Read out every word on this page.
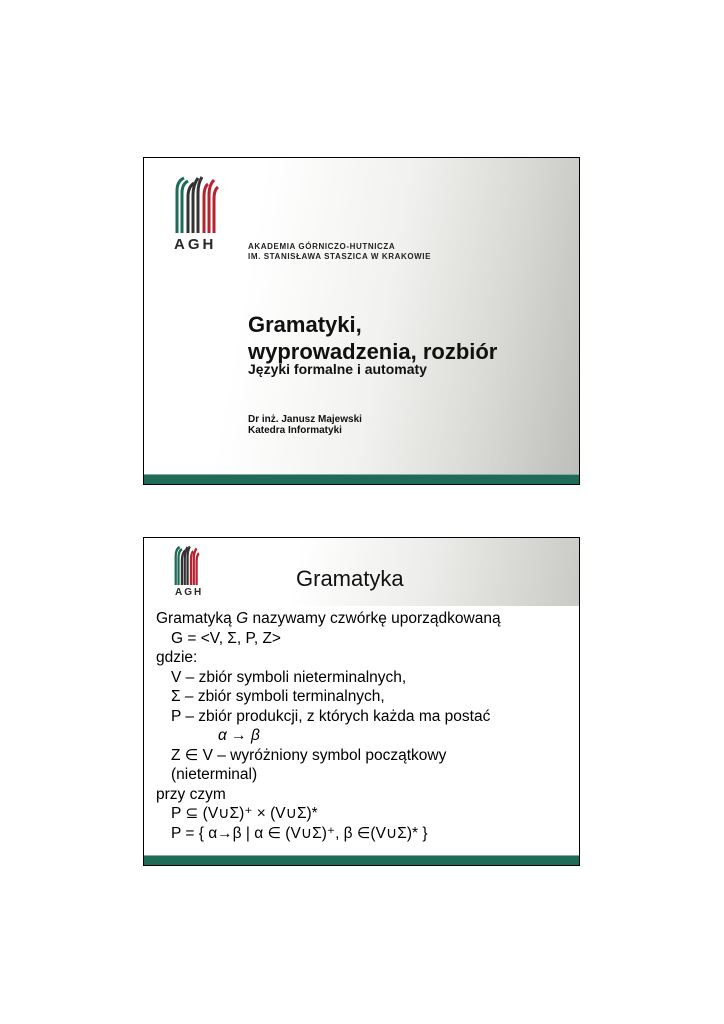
AGH	AKADEMIA GÓRNICZO-HUTNICZA
IM. STANISŁAWA STASZICA W KRAKOWIE
Gramatyki,
wyprowadzenia, rozbiór
Języki formalne i automaty
Dr inż. Janusz Majewski
Katedra Informatyki
AGH
Gramatyka
Gramatyką G nazywamy czwórkę uporządkowaną
G = <V, Σ, P, Z>
gdzie:
V – zbiór symboli nieterminalnych,
Σ – zbiór symboli terminalnych,
P – zbiór produkcji, z których każda ma postać
α → β
Z ∈ V – wyróżniony symbol początkowy
(nieterminal)
przy czym
P ⊆ (V∪Σ)⁺ × (V∪Σ)*
P = { α→β | α ∈ (V∪Σ)⁺, β ∈(V∪Σ)* }
